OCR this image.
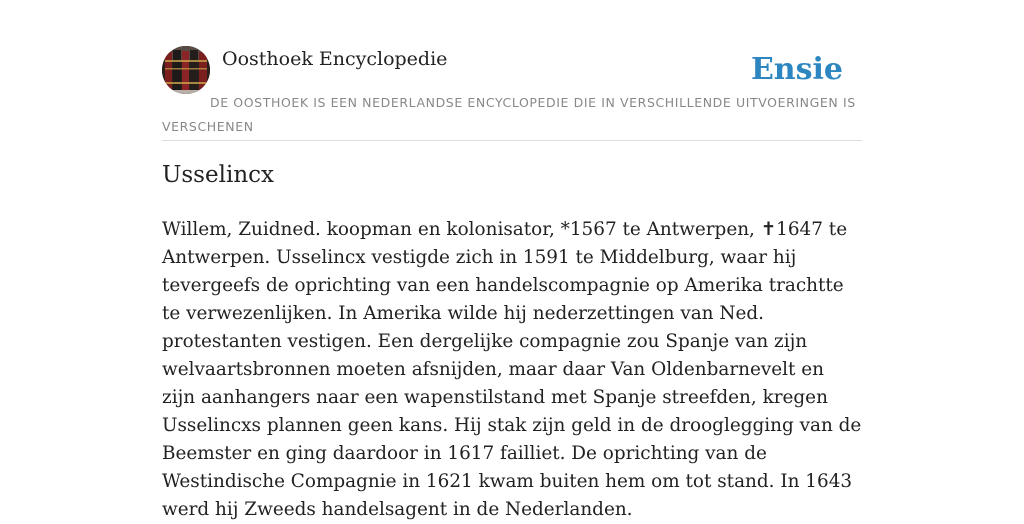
Oosthoek Encyclopedie	Ensie

DE OOSTHOEK IS EEN NEDERLANDSE ENCYCLOPEDIE DIE IN VERSCHILLENDE UITVOERINGEN IS VERSCHENEN

Usselincx

Willem, Zuidned. koopman en kolonisator, *1567 te Antwerpen, ✝1647 te Antwerpen. Usselincx vestigde zich in 1591 te Middelburg, waar hij tevergeefs de oprichting van een handelscompagnie op Amerika trachtte te verwezenlijken. In Amerika wilde hij nederzettingen van Ned. protestanten vestigen. Een dergelijke compagnie zou Spanje van zijn welvaartsbronnen moeten afsnijden, maar daar Van Oldenbarnevelt en zijn aanhangers naar een wapenstilstand met Spanje streefden, kregen Usselincxs plannen geen kans. Hij stak zijn geld in de drooglegging van de Beemster en ging daardoor in 1617 failliet. De oprichting van de Westindische Compagnie in 1621 kwam buiten hem om tot stand. In 1643 werd hij Zweeds handelsagent in de Nederlanden.
